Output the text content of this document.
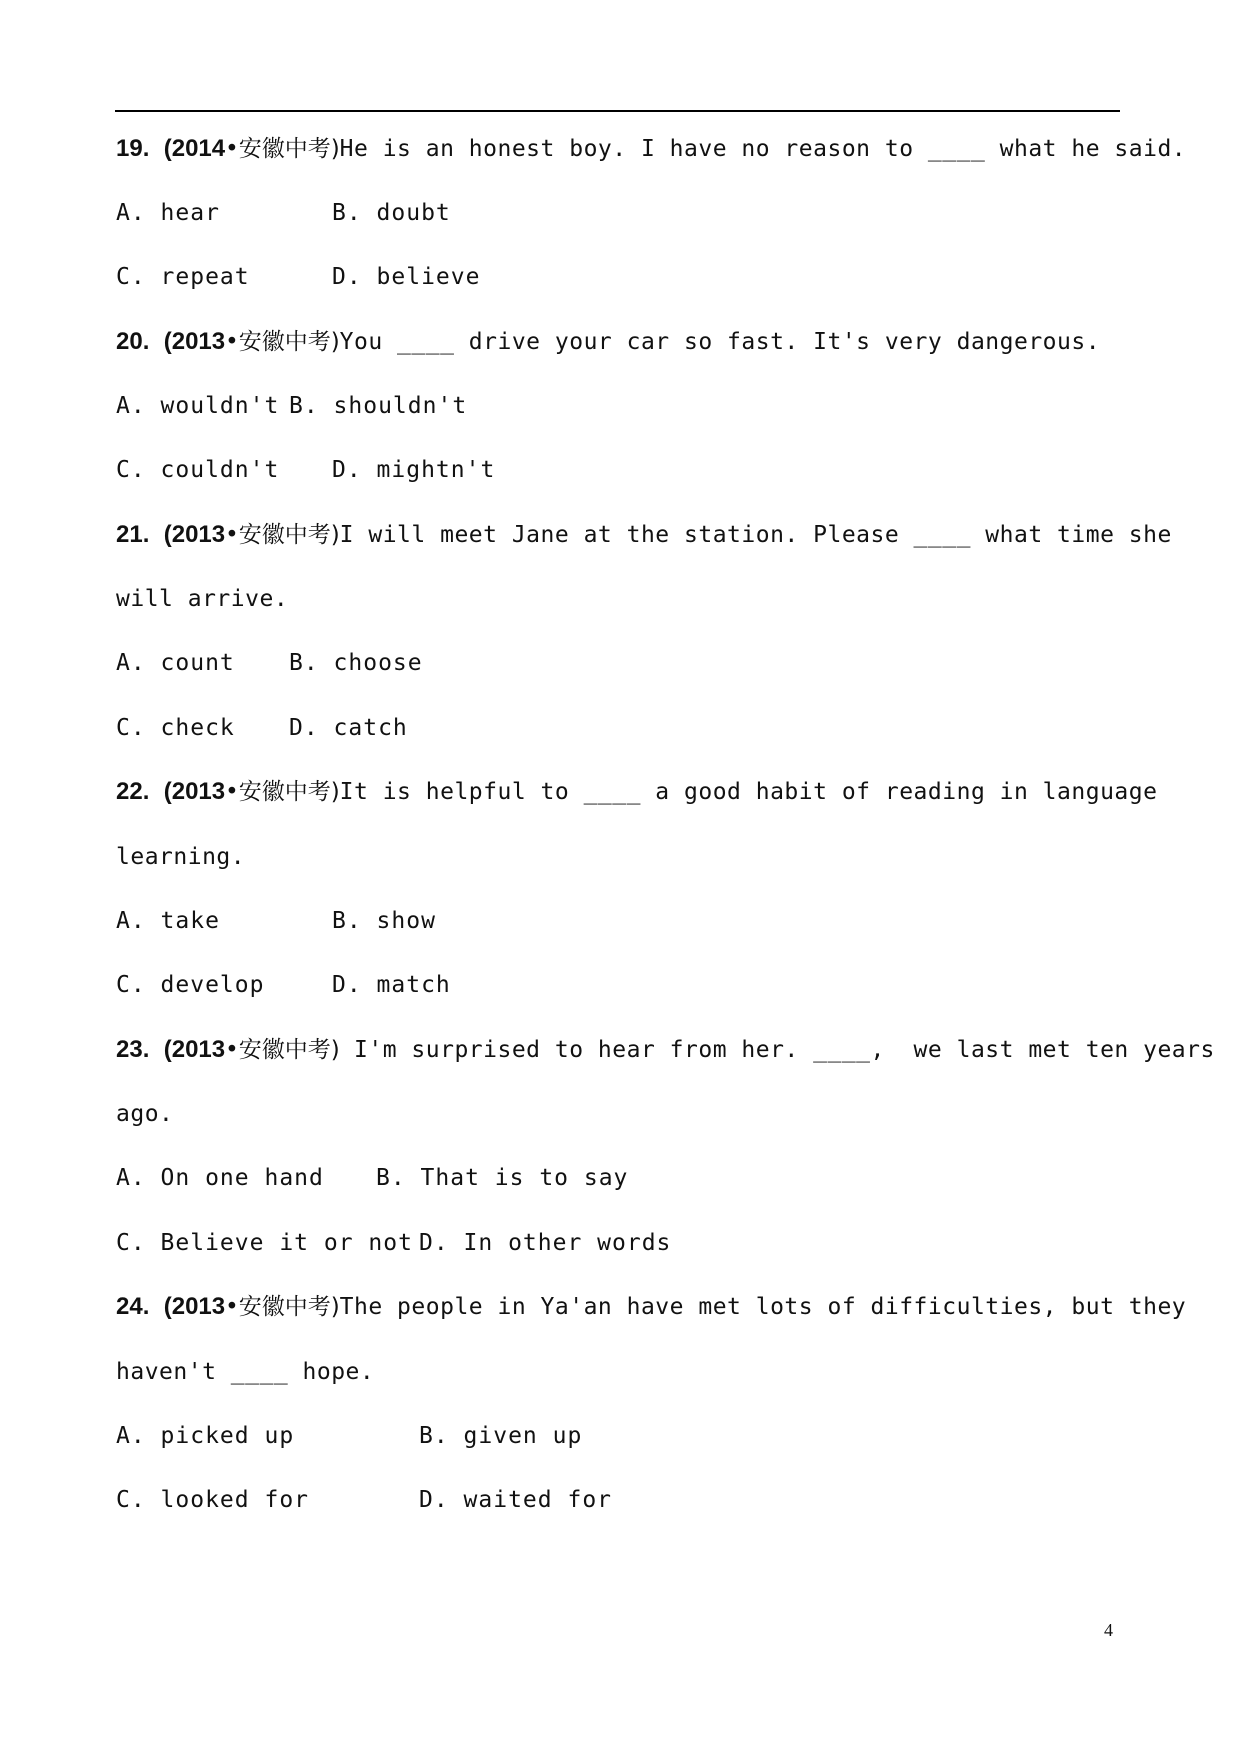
19. (2014•安徽中考)He is an honest boy. I have no reason to ____ what he said.
A. hear	B. doubt
C. repeat	D. believe
20. (2013•安徽中考)You ____ drive your car so fast. It's very dangerous.
A. wouldn't B. shouldn't
C. couldn't D. mightn't
21. (2013•安徽中考)I will meet Jane at the station. Please ____ what time she
will arrive.
A. count B. choose
C. check D. catch
22. (2013•安徽中考)It is helpful to ____ a good habit of reading in language
learning.
A. take	B. show
C. develop	D. match
23. (2013•安徽中考) I'm surprised to hear from her. ____,  we last met ten years
ago.
A. On one hand B. That is to say
C. Believe it or not D. In other words
24. (2013•安徽中考)The people in Ya'an have met lots of difficulties, but they
haven't ____ hope.
A. picked up	B. given up
C. looked for	D. waited for
4
